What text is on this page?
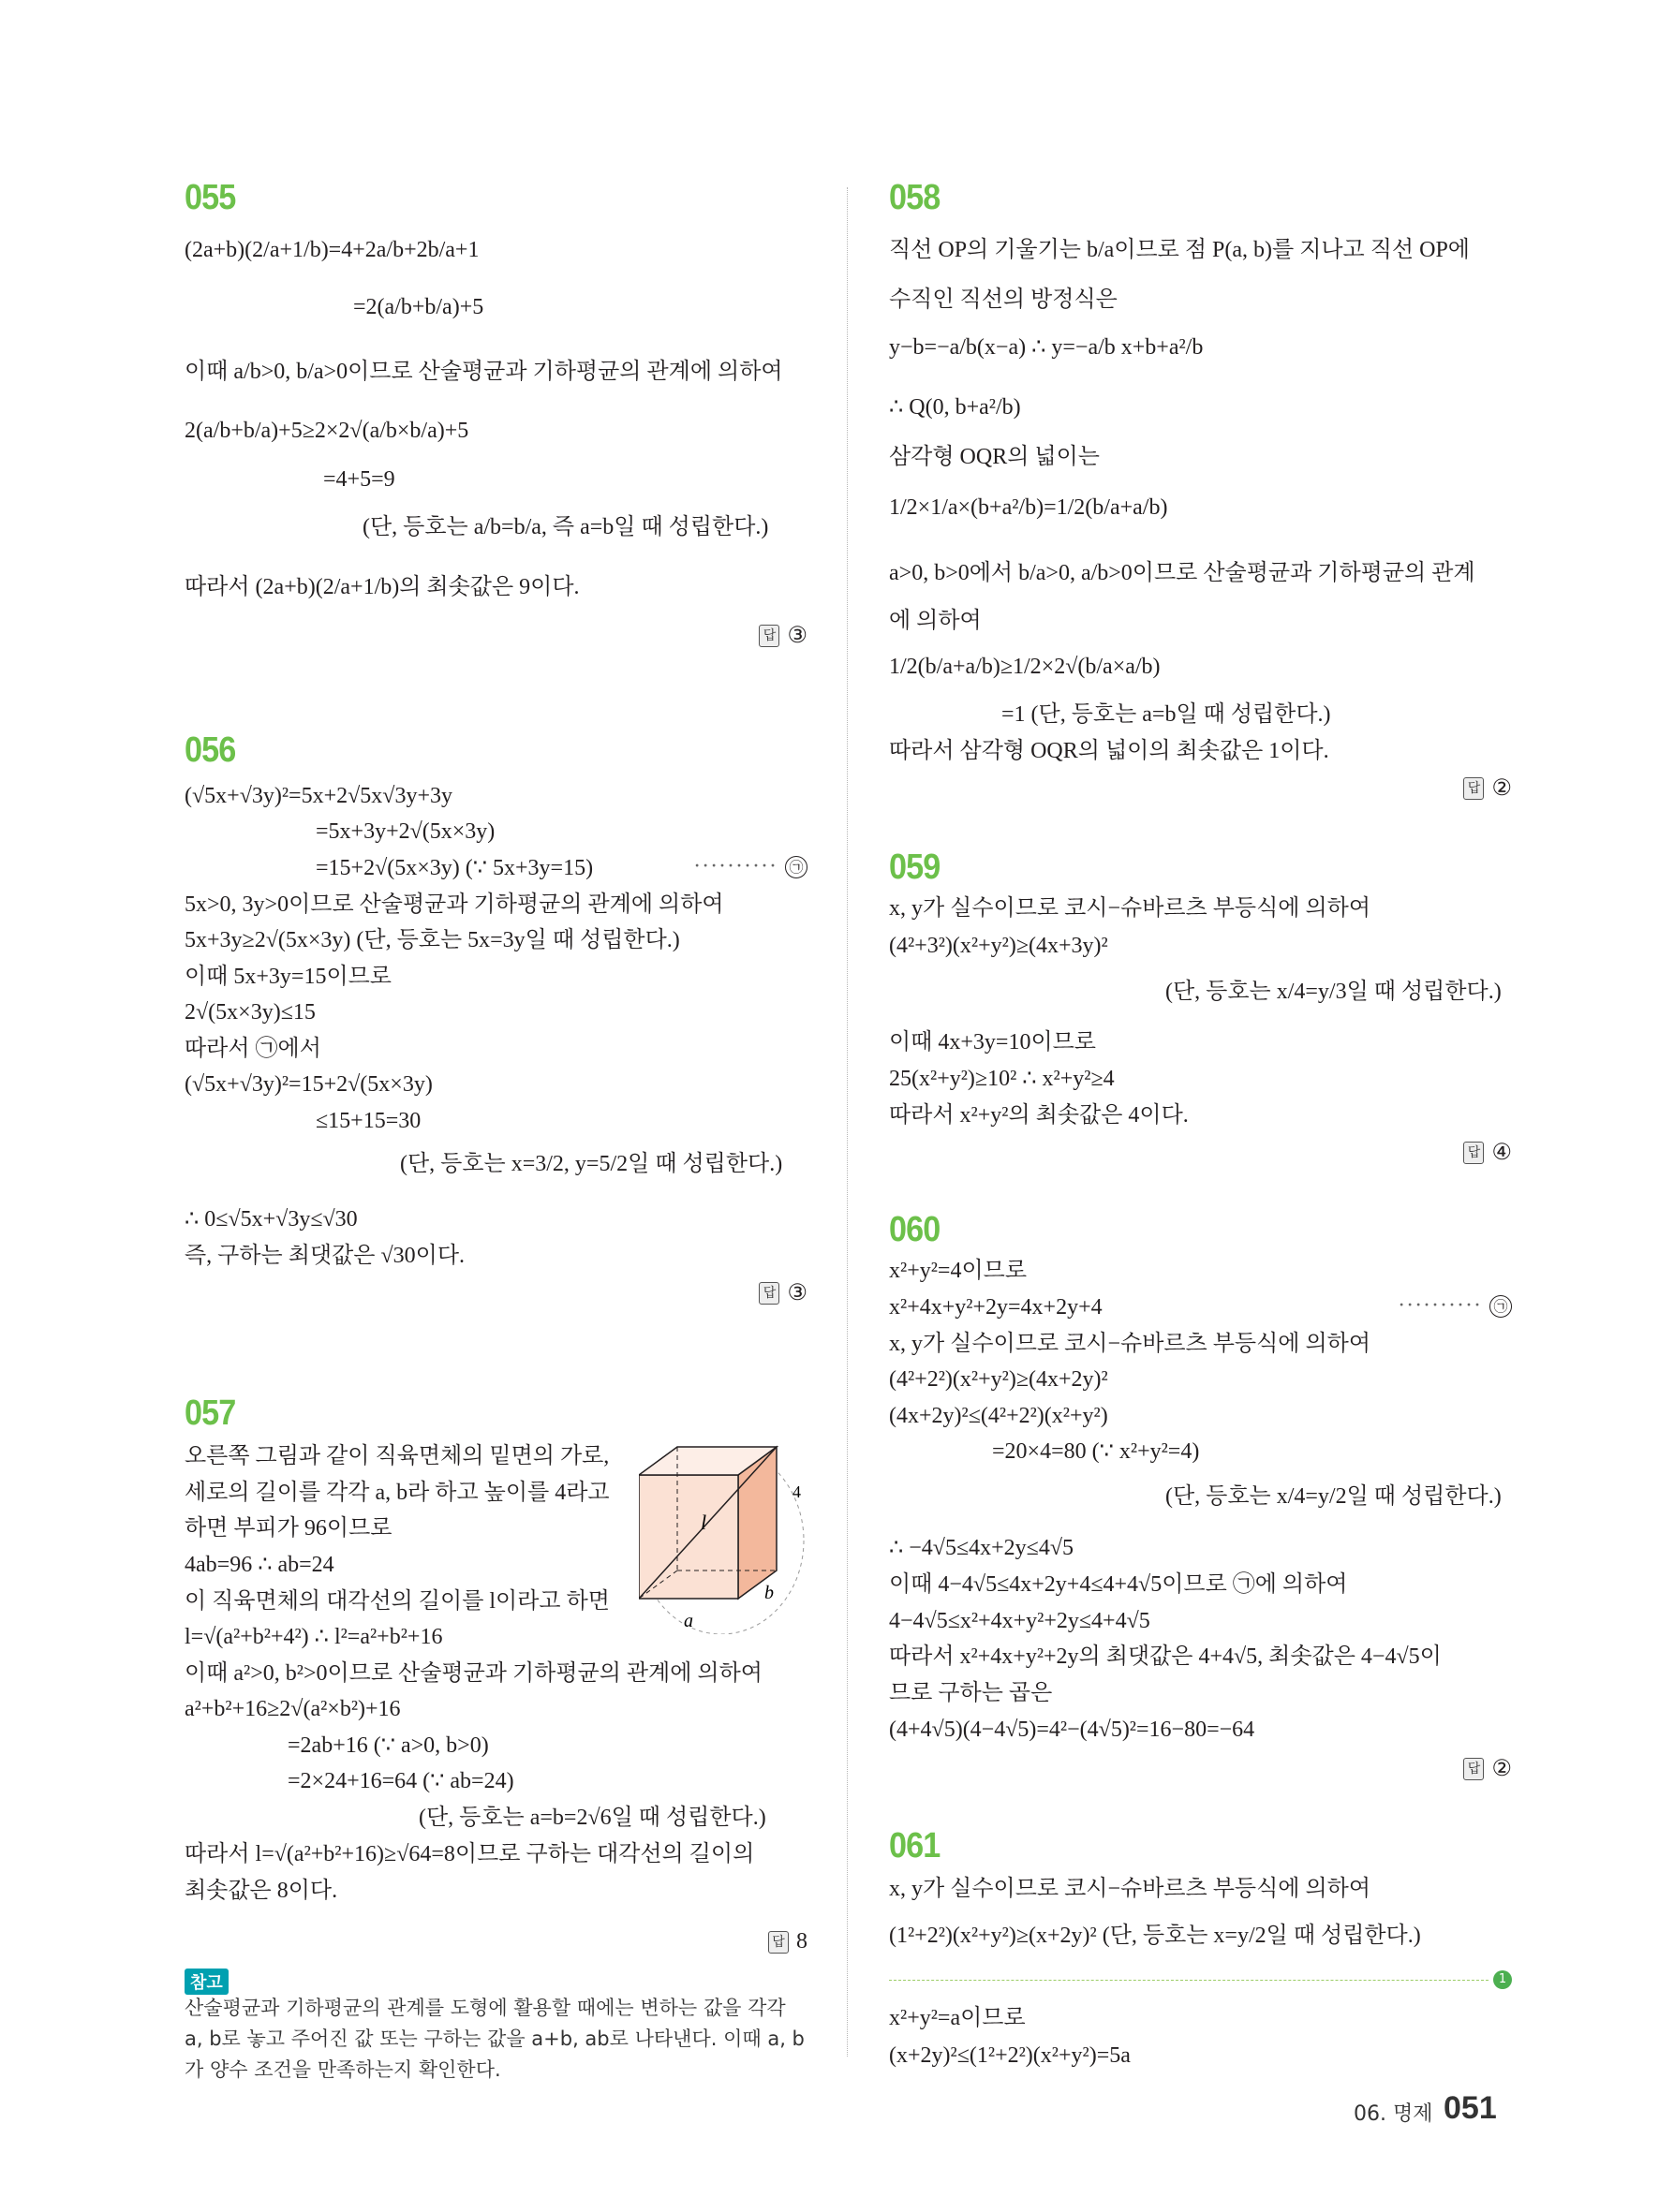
055
(2a+b)(2/a+1/b)=4+2a/b+2b/a+1
=2(a/b+b/a)+5
이때 a/b>0, b/a>0이므로 산술평균과 기하평균의 관계에 의하여
2(a/b+b/a)+5≥2×2√(a/b×b/a)+5
=4+5=9
(단, 등호는 a/b=b/a, 즉 a=b일 때 성립한다.)
따라서 (2a+b)(2/a+1/b)의 최솟값은 9이다.
답 ③
056
(√5x+√3y)²=5x+2√5x√3y+3y
=5x+3y+2√(5x×3y)
=15+2√(5x×3y) (∵ 5x+3y=15)	·········· ㉠
5x>0, 3y>0이므로 산술평균과 기하평균의 관계에 의하여
5x+3y≥2√(5x×3y) (단, 등호는 5x=3y일 때 성립한다.)
이때 5x+3y=15이므로
2√(5x×3y)≤15
따라서 ㉠에서
(√5x+√3y)²=15+2√(5x×3y)
≤15+15=30
(단, 등호는 x=3/2, y=5/2일 때 성립한다.)
∴ 0≤√5x+√3y≤√30
즉, 구하는 최댓값은 √30이다.
답 ③
057
오른쪽 그림과 같이 직육면체의 밑면의 가로,
세로의 길이를 각각 a, b라 하고 높이를 4라고
하면 부피가 96이므로
4ab=96 ∴ ab=24
이 직육면체의 대각선의 길이를 l이라고 하면
l=√(a²+b²+4²) ∴ l²=a²+b²+16
이때 a²>0, b²>0이므로 산술평균과 기하평균의 관계에 의하여
a²+b²+16≥2√(a²×b²)+16
=2ab+16 (∵ a>0, b>0)
=2×24+16=64 (∵ ab=24)
(단, 등호는 a=b=2√6일 때 성립한다.)
따라서 l=√(a²+b²+16)≥√64=8이므로 구하는 대각선의 길이의
최솟값은 8이다.
4
l
b
a
답 8
참고
산술평균과 기하평균의 관계를 도형에 활용할 때에는 변하는 값을 각각 a, b로 놓고 주어진 값 또는 구하는 값을 a+b, ab로 나타낸다. 이때 a, b가 양수 조건을 만족하는지 확인한다.
058
직선 OP의 기울기는 b/a이므로 점 P(a, b)를 지나고 직선 OP에
수직인 직선의 방정식은
y−b=−a/b(x−a) ∴ y=−a/b x+b+a²/b
∴ Q(0, b+a²/b)
삼각형 OQR의 넓이는
1/2×1/a×(b+a²/b)=1/2(b/a+a/b)
a>0, b>0에서 b/a>0, a/b>0이므로 산술평균과 기하평균의 관계
에 의하여
1/2(b/a+a/b)≥1/2×2√(b/a×a/b)
=1 (단, 등호는 a=b일 때 성립한다.)
따라서 삼각형 OQR의 넓이의 최솟값은 1이다.
답 ②
059
x, y가 실수이므로 코시−슈바르츠 부등식에 의하여
(4²+3²)(x²+y²)≥(4x+3y)²
(단, 등호는 x/4=y/3일 때 성립한다.)
이때 4x+3y=10이므로
25(x²+y²)≥10² ∴ x²+y²≥4
따라서 x²+y²의 최솟값은 4이다.
답 ④
060
x²+y²=4이므로
x²+4x+y²+2y=4x+2y+4	·········· ㉠
x, y가 실수이므로 코시−슈바르츠 부등식에 의하여
(4²+2²)(x²+y²)≥(4x+2y)²
(4x+2y)²≤(4²+2²)(x²+y²)
=20×4=80 (∵ x²+y²=4)
(단, 등호는 x/4=y/2일 때 성립한다.)
∴ −4√5≤4x+2y≤4√5
이때 4−4√5≤4x+2y+4≤4+4√5이므로 ㉠에 의하여
4−4√5≤x²+4x+y²+2y≤4+4√5
따라서 x²+4x+y²+2y의 최댓값은 4+4√5, 최솟값은 4−4√5이
므로 구하는 곱은
(4+4√5)(4−4√5)=4²−(4√5)²=16−80=−64
답 ②
061
x, y가 실수이므로 코시−슈바르츠 부등식에 의하여
(1²+2²)(x²+y²)≥(x+2y)² (단, 등호는 x=y/2일 때 성립한다.)
1
x²+y²=a이므로
(x+2y)²≤(1²+2²)(x²+y²)=5a
06. 명제 051
